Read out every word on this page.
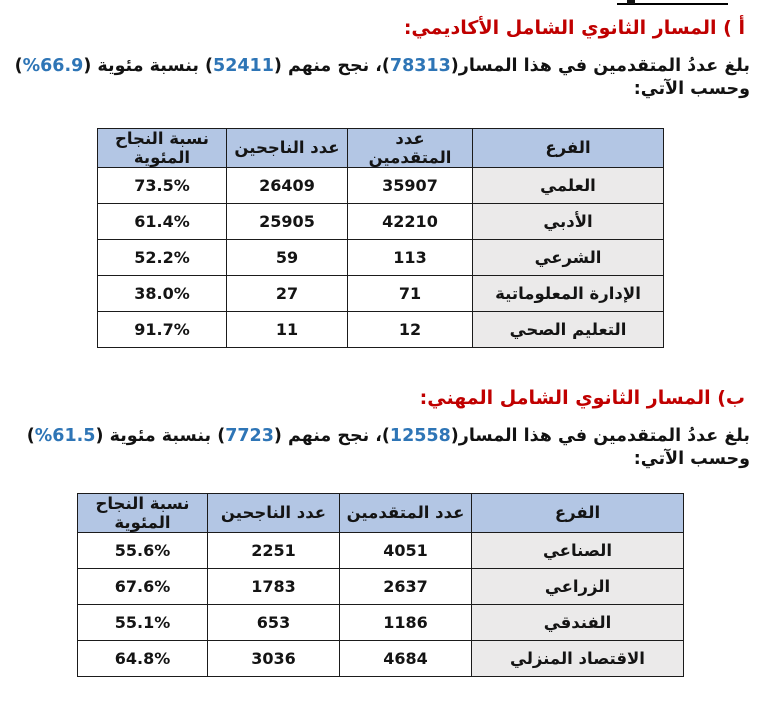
أ ) المسار الثانوي الشامل الأكاديمي:

بلغ عددُ المتقدمين في هذا المسار(78313)، نجح منهم (52411) بنسبة مئوية (%66.9) وحسب الآتي:

الفرع	عدد المتقدمين	عدد الناجحين	نسبة النجاح المئوية
العلمي	35907	26409	73.5%
الأدبي	42210	25905	61.4%
الشرعي	113	59	52.2%
الإدارة المعلوماتية	71	27	38.0%
التعليم الصحي	12	11	91.7%
ب) المسار الثانوي الشامل المهني:

بلغ عددُ المتقدمين في هذا المسار(12558)، نجح منهم (7723) بنسبة مئوية (%61.5) وحسب الآتي:

الفرع	عدد المتقدمين	عدد الناجحين	نسبة النجاح المئوية
الصناعي	4051	2251	55.6%
الزراعي	2637	1783	67.6%
الفندقي	1186	653	55.1%
الاقتصاد المنزلي	4684	3036	64.8%
